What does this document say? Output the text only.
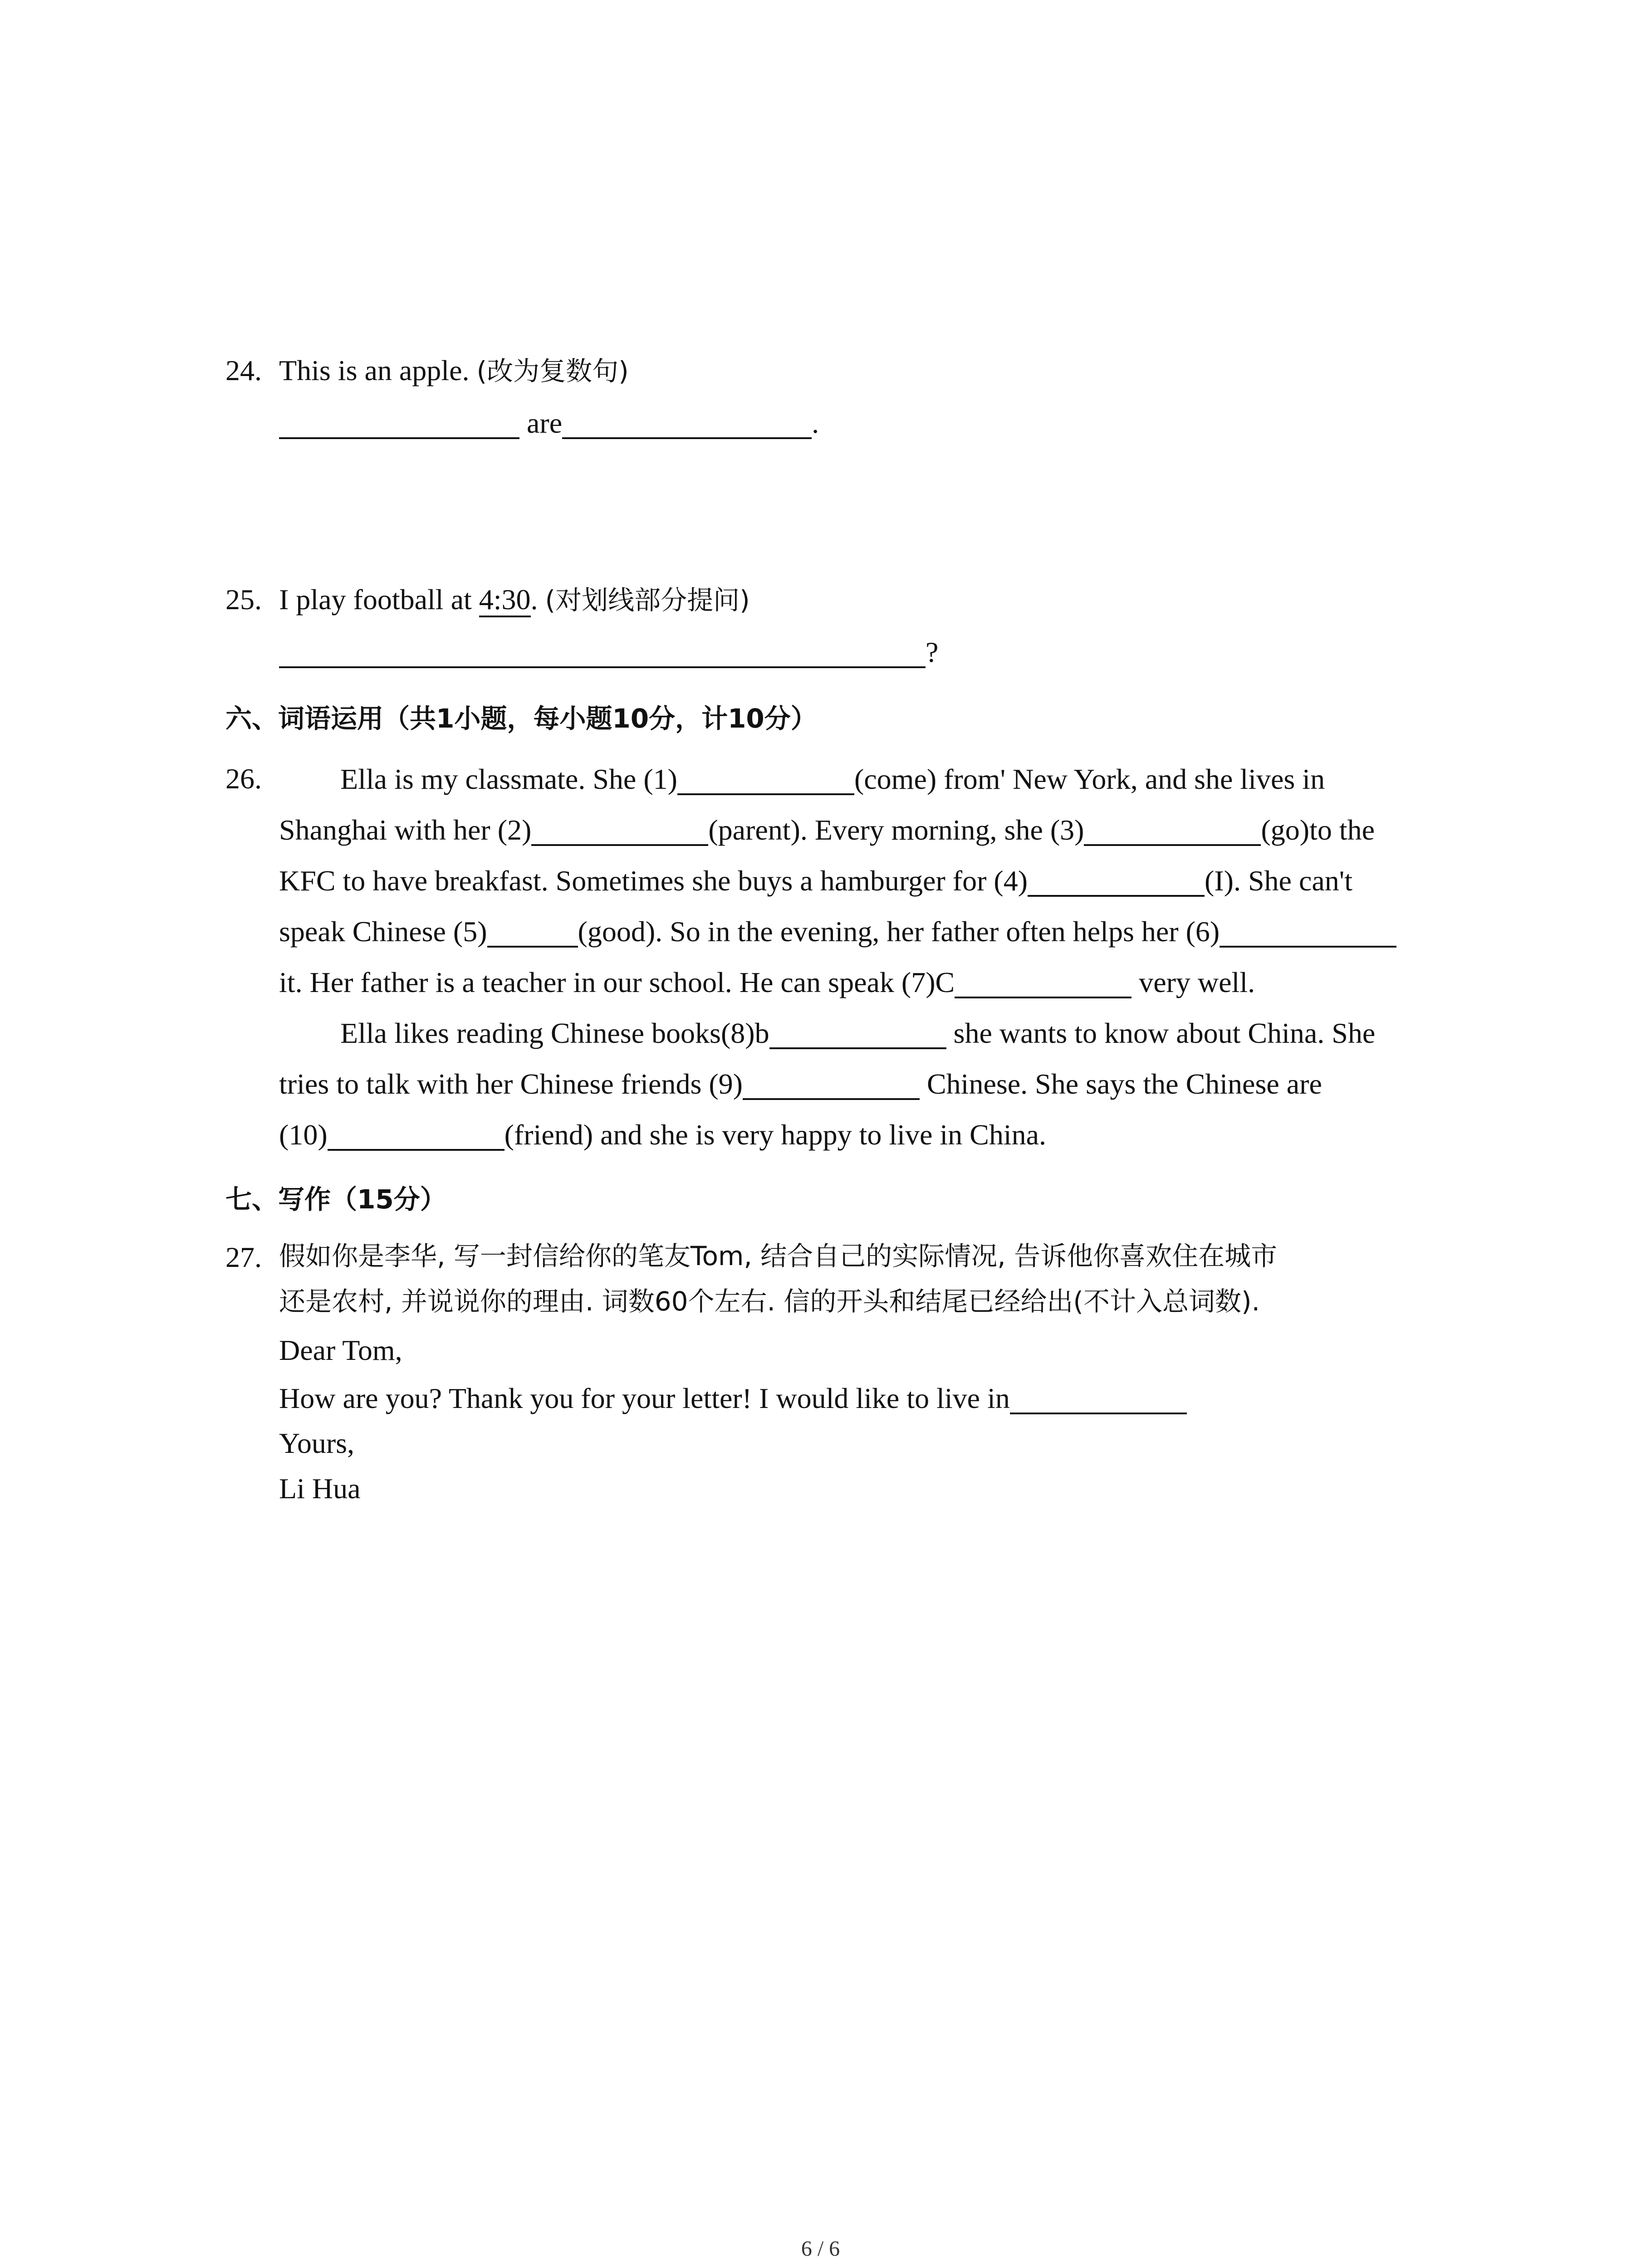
24. This is an apple. (改为复数句)
are	.
25. I play football at 4:30. (对划线部分提问)
?
六、词语运用（共1小题，每小题10分，计10分）
26.	Ella is my classmate. She (1)	(come) from' New York, and she lives in
Shanghai with her (2)	(parent). Every morning, she (3)	(go)to the
KFC to have breakfast. Sometimes she buys a hamburger for (4)	(I). She can't
speak Chinese (5)	(good). So in the evening, her father often helps her (6)
it. Her father is a teacher in our school. He can speak (7)C	very well.
Ella likes reading Chinese books(8)b	she wants to know about China. She
tries to talk with her Chinese friends (9)	Chinese. She says the Chinese are
(10)	(friend) and she is very happy to live in China.
七、写作（15分）
27. 假如你是李华, 写一封信给你的笔友Tom, 结合自己的实际情况, 告诉他你喜欢住在城市
还是农村, 并说说你的理由. 词数60个左右. 信的开头和结尾已经给出(不计入总词数).
Dear Tom,
How are you? Thank you for your letter! I would like to live in
Yours,
Li Hua
6 / 6
